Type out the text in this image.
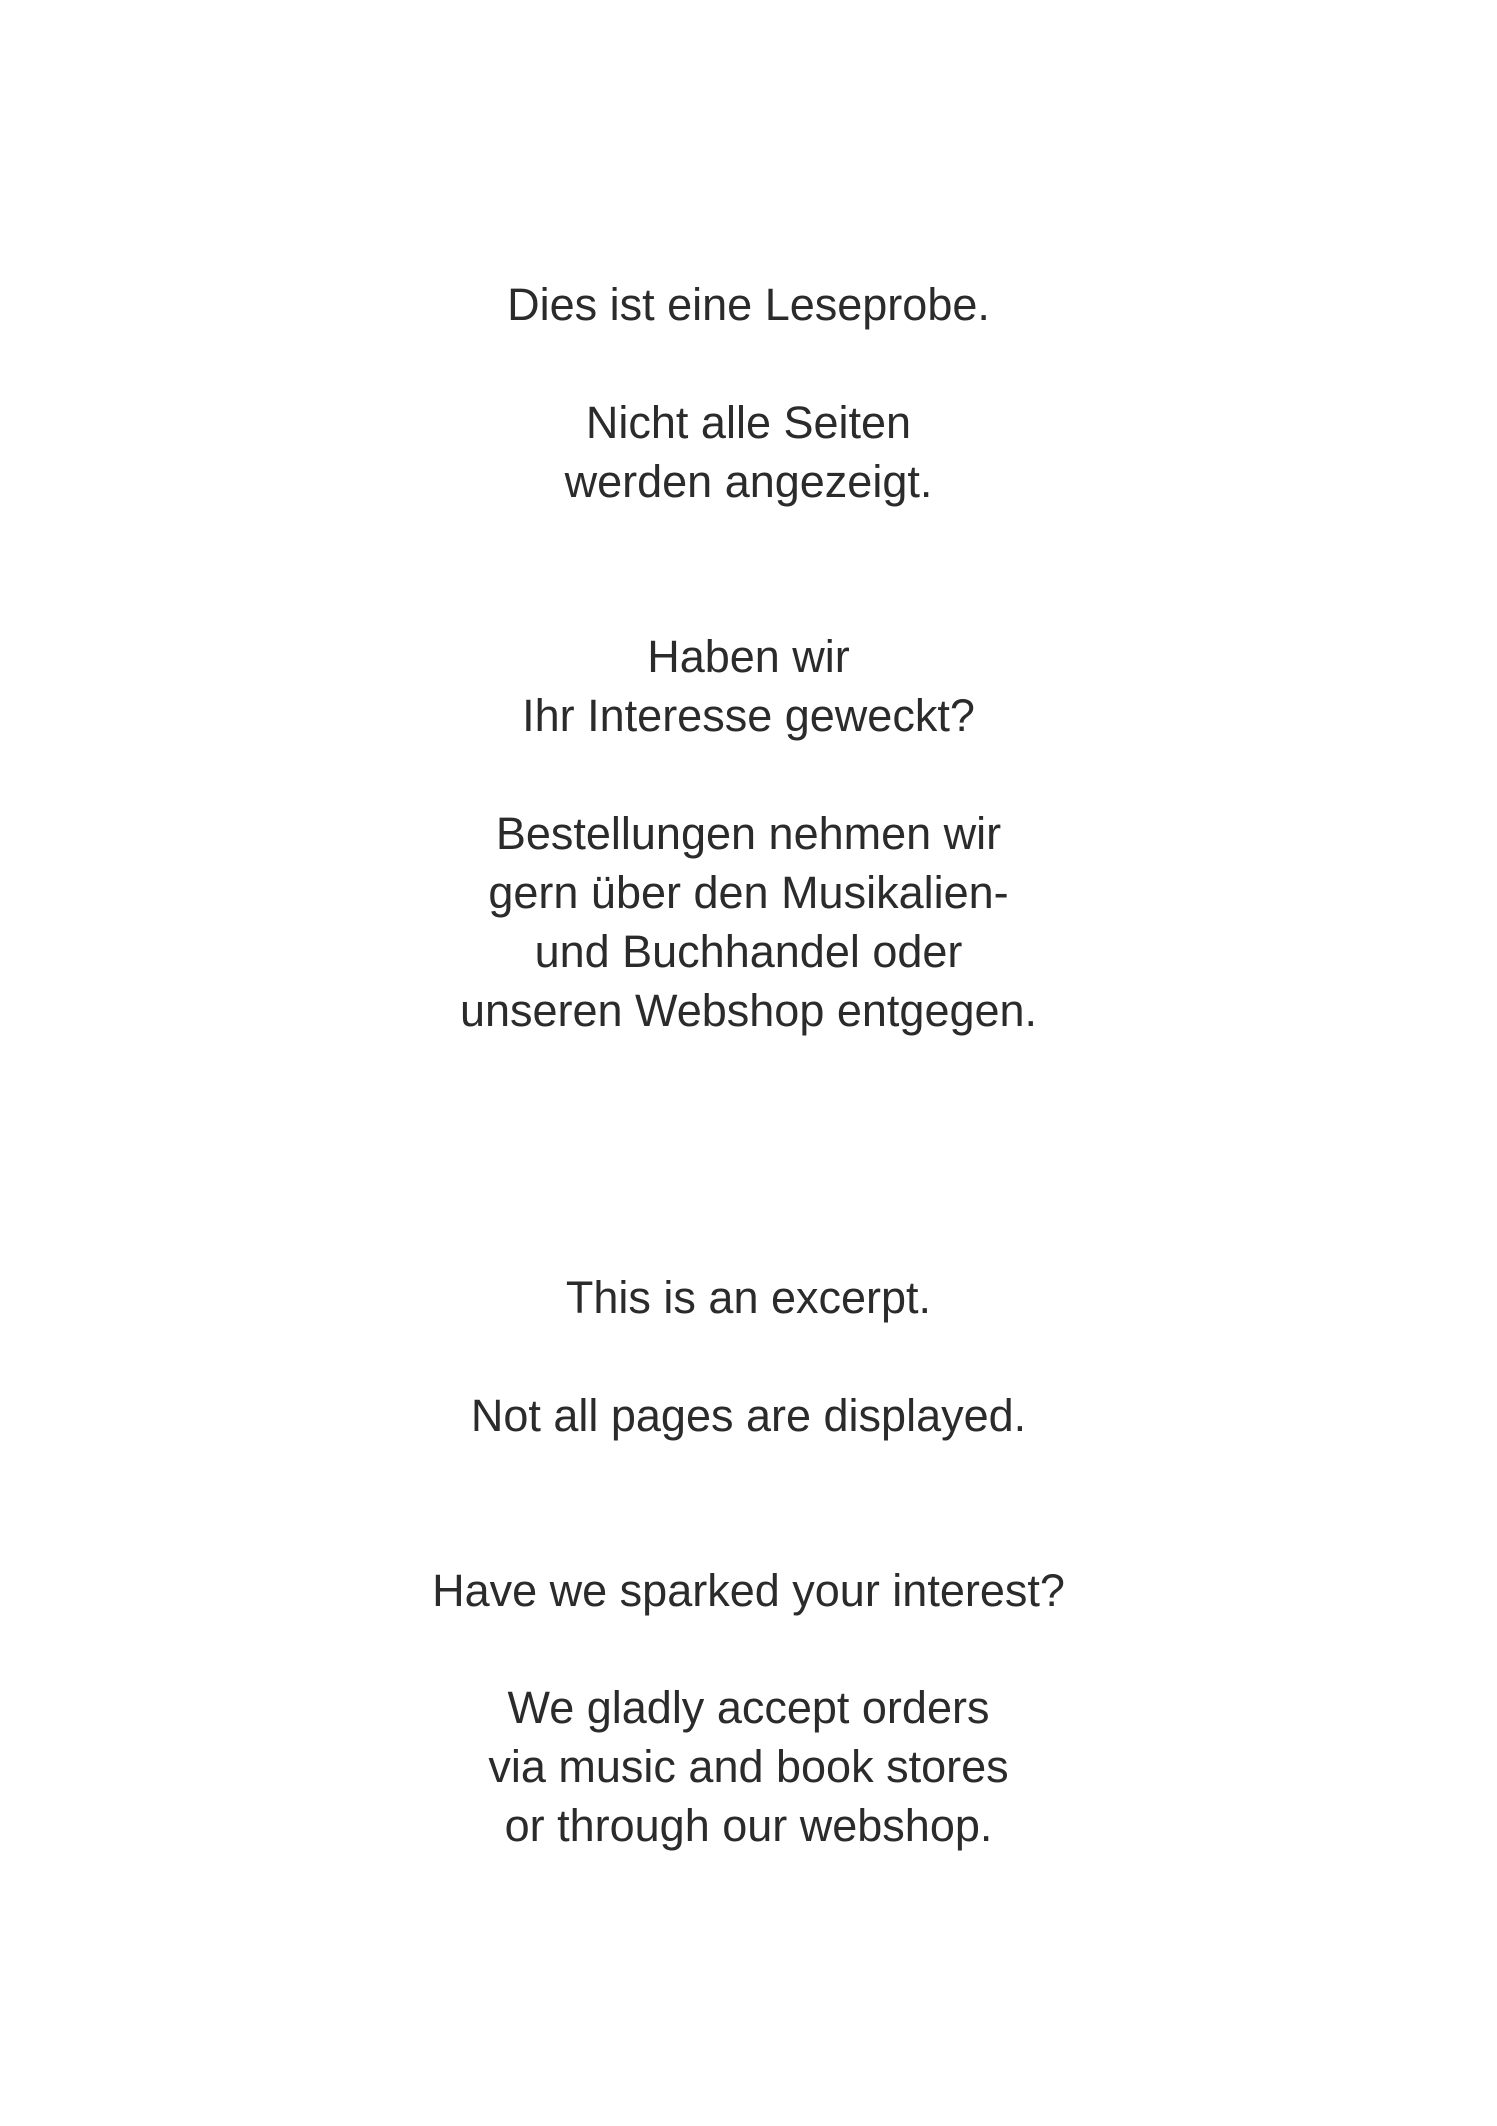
Dies ist eine Leseprobe.
Nicht alle Seiten
werden angezeigt.
Haben wir
Ihr Interesse geweckt?
Bestellungen nehmen wir
gern über den Musikalien-
und Buchhandel oder
unseren Webshop entgegen.
This is an excerpt.
Not all pages are displayed.
Have we sparked your interest?
We gladly accept orders
via music and book stores
or through our webshop.
